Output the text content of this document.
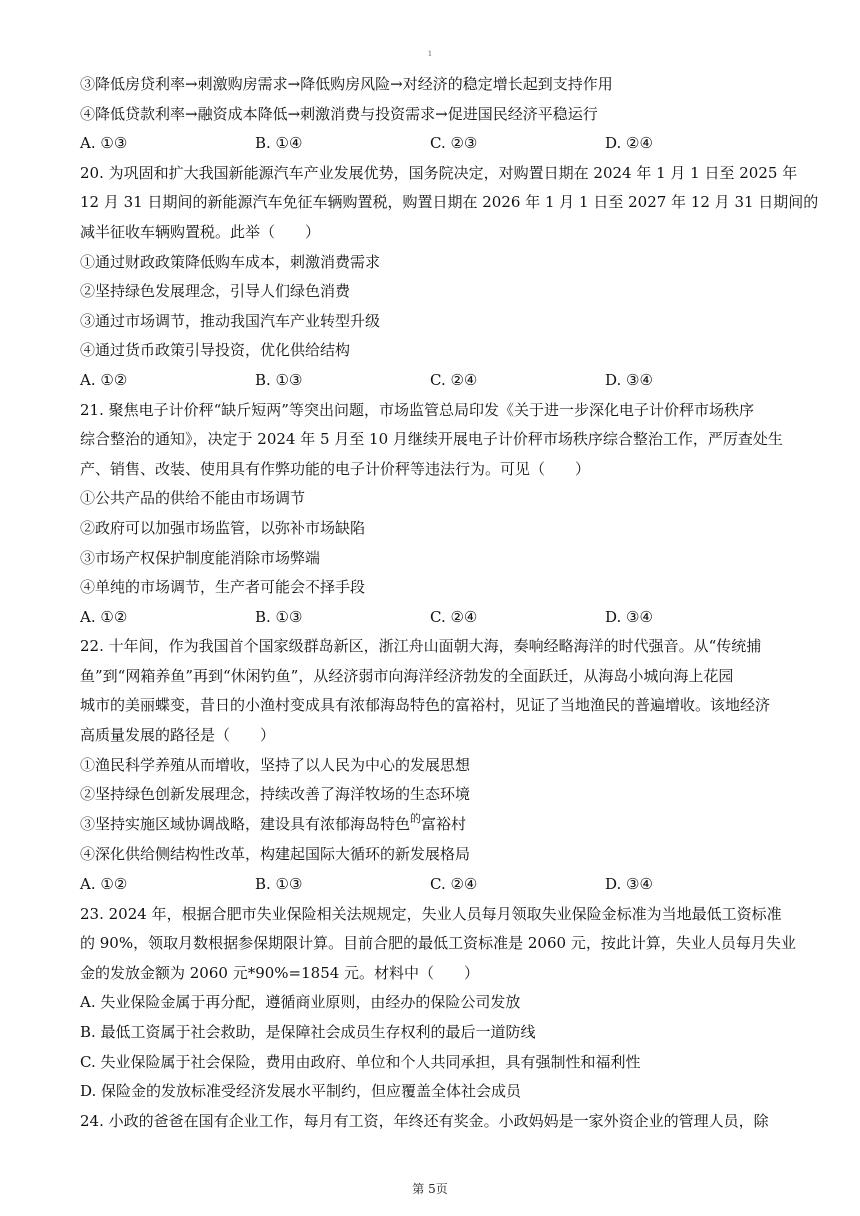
1
③降低房贷利率→刺激购房需求→降低购房风险→对经济的稳定增长起到支持作用
④降低贷款利率→融资成本降低→刺激消费与投资需求→促进国民经济平稳运行
A. ①③	B. ①④	C. ②③	D. ②④
20. 为巩固和扩大我国新能源汽车产业发展优势，国务院决定，对购置日期在 2024 年 1 月 1 日至 2025 年
12 月 31 日期间的新能源汽车免征车辆购置税，购置日期在 2026 年 1 月 1 日至 2027 年 12 月 31 日期间的
减半征收车辆购置税。此举（　　）
①通过财政政策降低购车成本，刺激消费需求
②坚持绿色发展理念，引导人们绿色消费
③通过市场调节，推动我国汽车产业转型升级
④通过货币政策引导投资，优化供给结构
A. ①②	B. ①③	C. ②④	D. ③④
21. 聚焦电子计价秤“缺斤短两”等突出问题，市场监管总局印发《关于进一步深化电子计价秤市场秩序
综合整治的通知》，决定于 2024 年 5 月至 10 月继续开展电子计价秤市场秩序综合整治工作，严厉查处生
产、销售、改装、使用具有作弊功能的电子计价秤等违法行为。可见（　　）
①公共产品的供给不能由市场调节
②政府可以加强市场监管，以弥补市场缺陷
③市场产权保护制度能消除市场弊端
④单纯的市场调节，生产者可能会不择手段
A. ①②	B. ①③	C. ②④	D. ③④
22. 十年间，作为我国首个国家级群岛新区，浙江舟山面朝大海，奏响经略海洋的时代强音。从“传统捕
鱼”到“网箱养鱼”再到“休闲钓鱼”，从经济弱市向海洋经济勃发的全面跃迁，从海岛小城向海上花园
城市的美丽蝶变，昔日的小渔村变成具有浓郁海岛特色的富裕村，见证了当地渔民的普遍增收。该地经济
高质量发展的路径是（　　）
①渔民科学养殖从而增收，坚持了以人民为中心的发展思想
②坚持绿色创新发展理念，持续改善了海洋牧场的生态环境
③坚持实施区域协调战略，建设具有浓郁海岛特色$^的$富裕村
④深化供给侧结构性改革，构建起国际大循环的新发展格局
A. ①②	B. ①③	C. ②④	D. ③④
23. 2024 年，根据合肥市失业保险相关法规规定，失业人员每月领取失业保险金标准为当地最低工资标准
的 90%，领取月数根据参保期限计算。目前合肥的最低工资标准是 2060 元，按此计算，失业人员每月失业
金的发放金额为 2060 元*90%=1854 元。材料中（　　）
A. 失业保险金属于再分配，遵循商业原则，由经办的保险公司发放
B. 最低工资属于社会救助，是保障社会成员生存权利的最后一道防线
C. 失业保险属于社会保险，费用由政府、单位和个人共同承担，具有强制性和福利性
D. 保险金的发放标准受经济发展水平制约，但应覆盖全体社会成员
24. 小政的爸爸在国有企业工作，每月有工资，年终还有奖金。小政妈妈是一家外资企业的管理人员，除
第 5页
